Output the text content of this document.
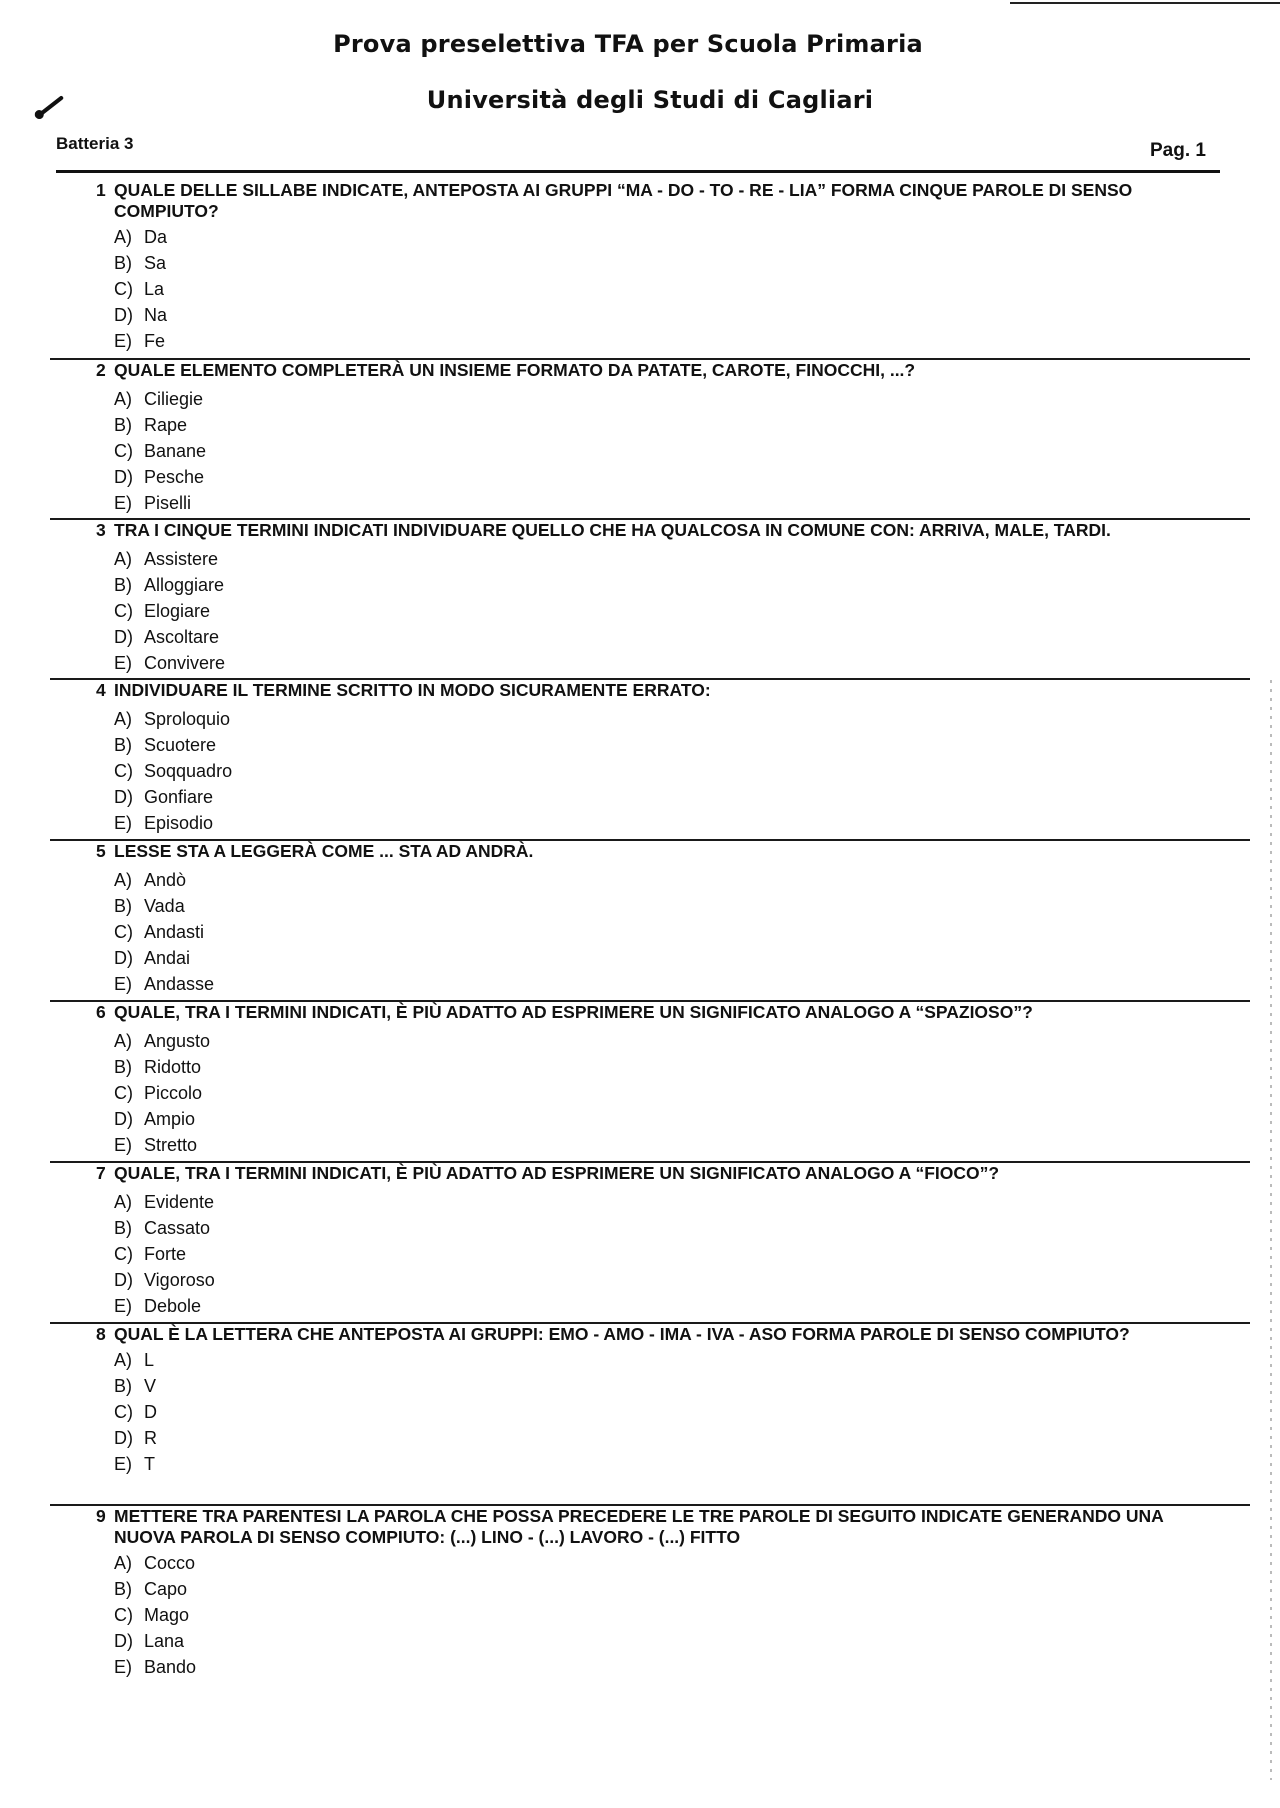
Prova preselettiva TFA per Scuola Primaria
Università degli Studi di Cagliari
Batteria 3	Pag. 1
1 QUALE DELLE SILLABE INDICATE, ANTEPOSTA AI GRUPPI “MA - DO - TO - RE - LIA” FORMA CINQUE PAROLE DI SENSO COMPIUTO?
A) Da
B) Sa
C) La
D) Na
E) Fe
2 QUALE ELEMENTO COMPLETERÀ UN INSIEME FORMATO DA PATATE, CAROTE, FINOCCHI, ...?
A) Ciliegie
B) Rape
C) Banane
D) Pesche
E) Piselli
3 TRA I CINQUE TERMINI INDICATI INDIVIDUARE QUELLO CHE HA QUALCOSA IN COMUNE CON: ARRIVA, MALE, TARDI.
A) Assistere
B) Alloggiare
C) Elogiare
D) Ascoltare
E) Convivere
4 INDIVIDUARE IL TERMINE SCRITTO IN MODO SICURAMENTE ERRATO:
A) Sproloquio
B) Scuotere
C) Soqquadro
D) Gonfiare
E) Episodio
5 LESSE STA A LEGGERÀ COME ... STA AD ANDRÀ.
A) Andò
B) Vada
C) Andasti
D) Andai
E) Andasse
6 QUALE, TRA I TERMINI INDICATI, È PIÙ ADATTO AD ESPRIMERE UN SIGNIFICATO ANALOGO A “SPAZIOSO”?
A) Angusto
B) Ridotto
C) Piccolo
D) Ampio
E) Stretto
7 QUALE, TRA I TERMINI INDICATI, È PIÙ ADATTO AD ESPRIMERE UN SIGNIFICATO ANALOGO A “FIOCO”?
A) Evidente
B) Cassato
C) Forte
D) Vigoroso
E) Debole
8 QUAL È LA LETTERA CHE ANTEPOSTA AI GRUPPI: EMO - AMO - IMA - IVA - ASO FORMA PAROLE DI SENSO COMPIUTO?
A) L
B) V
C) D
D) R
E) T
9 METTERE TRA PARENTESI LA PAROLA CHE POSSA PRECEDERE LE TRE PAROLE DI SEGUITO INDICATE GENERANDO UNA NUOVA PAROLA DI SENSO COMPIUTO: (...) LINO - (...) LAVORO - (...) FITTO
A) Cocco
B) Capo
C) Mago
D) Lana
E) Bando
